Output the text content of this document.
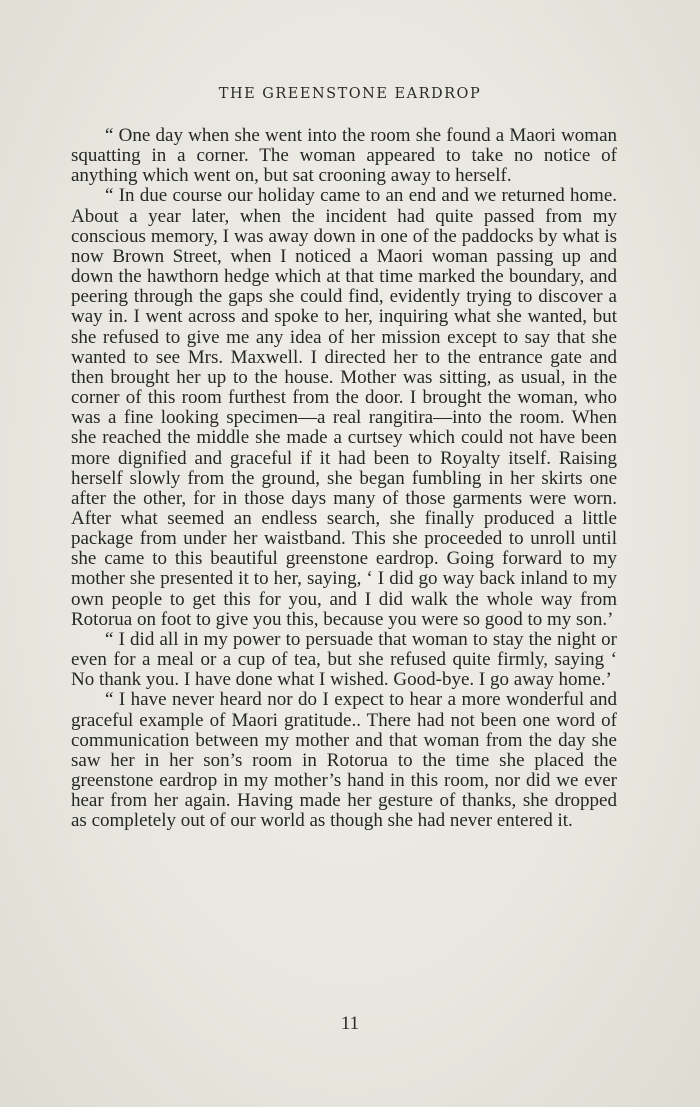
THE GREENSTONE EARDROP

“ One day when she went into the room she found a Maori woman squatting in a corner. The woman appeared to take no notice of anything which went on, but sat crooning away to herself.

“ In due course our holiday came to an end and we returned home. About a year later, when the incident had quite passed from my conscious memory, I was away down in one of the paddocks by what is now Brown Street, when I noticed a Maori woman passing up and down the hawthorn hedge which at that time marked the boundary, and peering through the gaps she could find, evidently trying to discover a way in. I went across and spoke to her, inquiring what she wanted, but she refused to give me any idea of her mission except to say that she wanted to see Mrs. Maxwell. I directed her to the entrance gate and then brought her up to the house. Mother was sitting, as usual, in the corner of this room furthest from the door. I brought the woman, who was a fine looking specimen—a real rangitira—into the room. When she reached the middle she made a curtsey which could not have been more dignified and graceful if it had been to Royalty itself. Raising herself slowly from the ground, she began fumbling in her skirts one after the other, for in those days many of those garments were worn. After what seemed an endless search, she finally produced a little package from under her waistband. This she proceeded to unroll until she came to this beautiful greenstone eardrop. Going forward to my mother she presented it to her, saying, ‘ I did go way back inland to my own people to get this for you, and I did walk the whole way from Rotorua on foot to give you this, because you were so good to my son.’

“ I did all in my power to persuade that woman to stay the night or even for a meal or a cup of tea, but she refused quite firmly, saying ‘ No thank you. I have done what I wished. Good-bye. I go away home.’

“ I have never heard nor do I expect to hear a more wonderful and graceful example of Maori gratitude.. There had not been one word of communication between my mother and that woman from the day she saw her in her son’s room in Rotorua to the time she placed the greenstone eardrop in my mother’s hand in this room, nor did we ever hear from her again. Having made her gesture of thanks, she dropped as completely out of our world as though she had never entered it.

11
